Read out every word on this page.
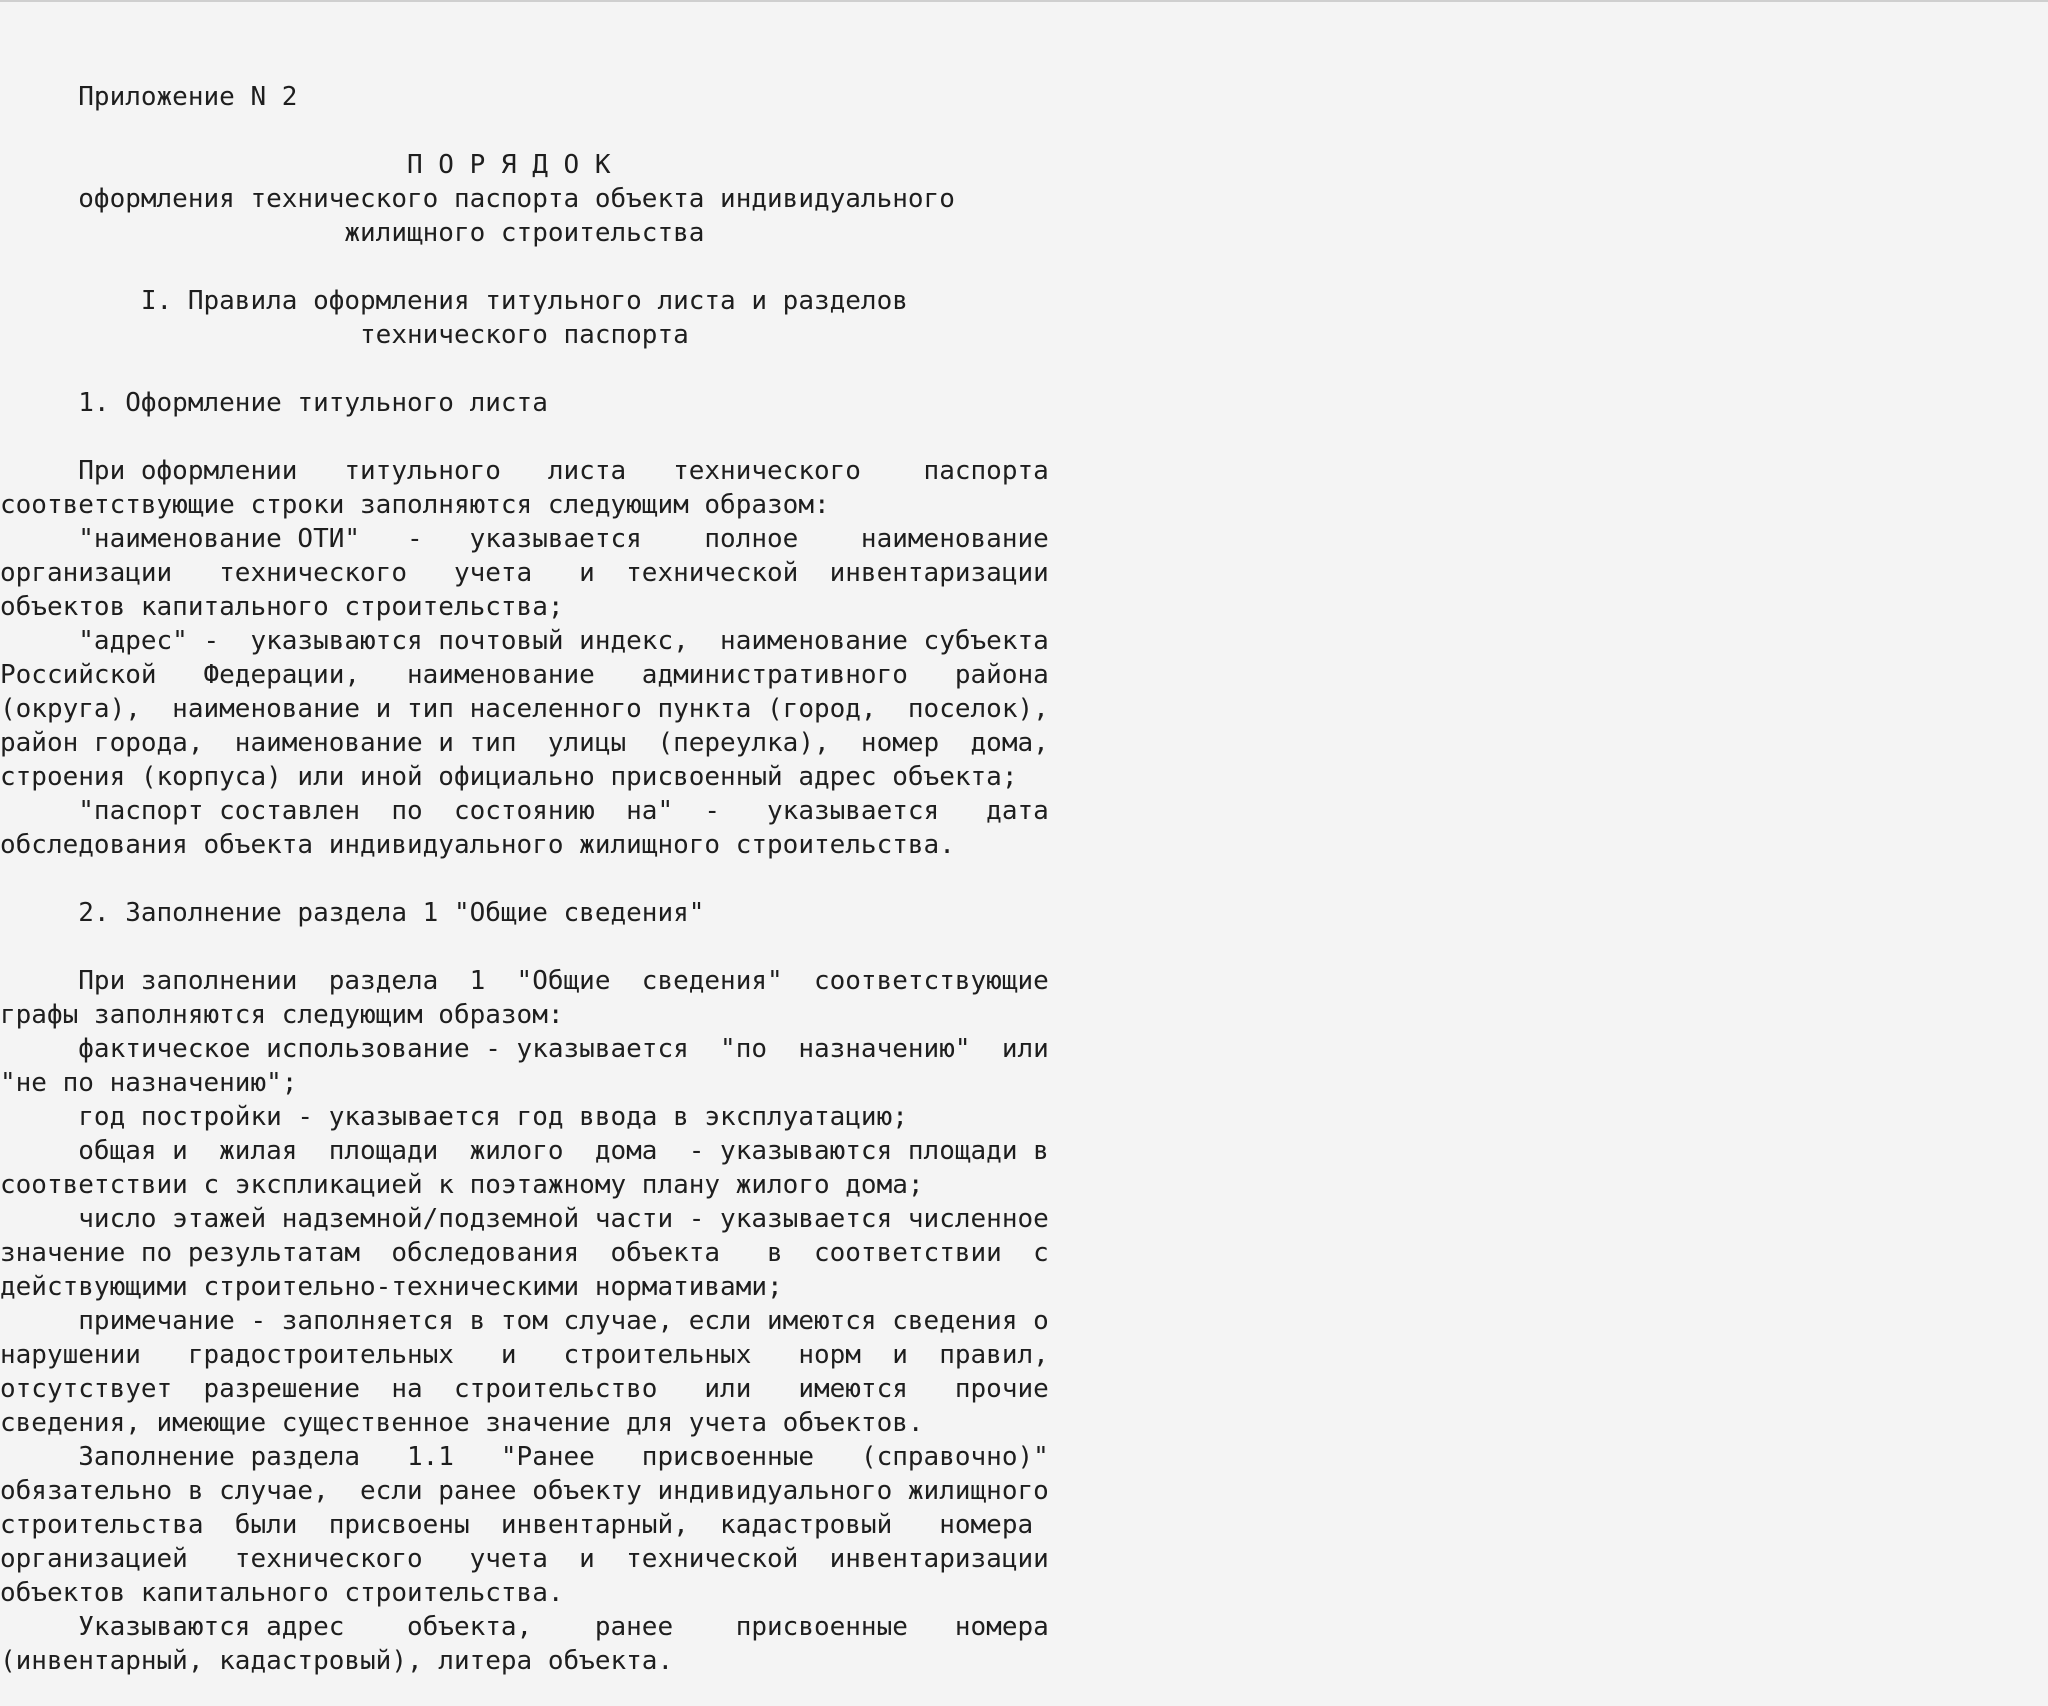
Приложение N 2

П О Р Я Д О К
оформления технического паспорта объекта индивидуального
жилищного строительства

I. Правила оформления титульного листа и разделов
технического паспорта

1. Оформление титульного листа

При оформлении   титульного   листа   технического    паспорта
соответствующие строки заполняются следующим образом:
"наименование ОТИ"   -   указывается    полное    наименование
организации   технического   учета   и  технической  инвентаризации
объектов капитального строительства;
"адрес" -  указываются почтовый индекс,  наименование субъекта
Российской   Федерации,   наименование   административного   района
(округа),  наименование и тип населенного пункта (город,  поселок),
район города,  наименование и тип  улицы  (переулка),  номер  дома,
строения (корпуса) или иной официально присвоенный адрес объекта;
"паспорт составлен  по  состоянию  на"  -   указывается   дата
обследования объекта индивидуального жилищного строительства.

2. Заполнение раздела 1 "Общие сведения"

При заполнении  раздела  1  "Общие  сведения"  соответствующие
графы заполняются следующим образом:
фактическое использование - указывается  "по  назначению"  или
"не по назначению";
год постройки - указывается год ввода в эксплуатацию;
общая и  жилая  площади  жилого  дома  - указываются площади в
соответствии с экспликацией к поэтажному плану жилого дома;
число этажей надземной/подземной части - указывается численное
значение по результатам  обследования  объекта   в  соответствии  с
действующими строительно-техническими нормативами;
примечание - заполняется в том случае, если имеются сведения о
нарушении   градостроительных   и   строительных   норм  и  правил,
отсутствует  разрешение  на  строительство   или   имеются   прочие
сведения, имеющие существенное значение для учета объектов.
Заполнение раздела   1.1   "Ранее   присвоенные   (справочно)"
обязательно в случае,  если ранее объекту индивидуального жилищного
строительства  были  присвоены  инвентарный,  кадастровый   номера
организацией   технического   учета  и  технической  инвентаризации
объектов капитального строительства.
Указываются адрес    объекта,    ранее    присвоенные   номера
(инвентарный, кадастровый), литера объекта.
